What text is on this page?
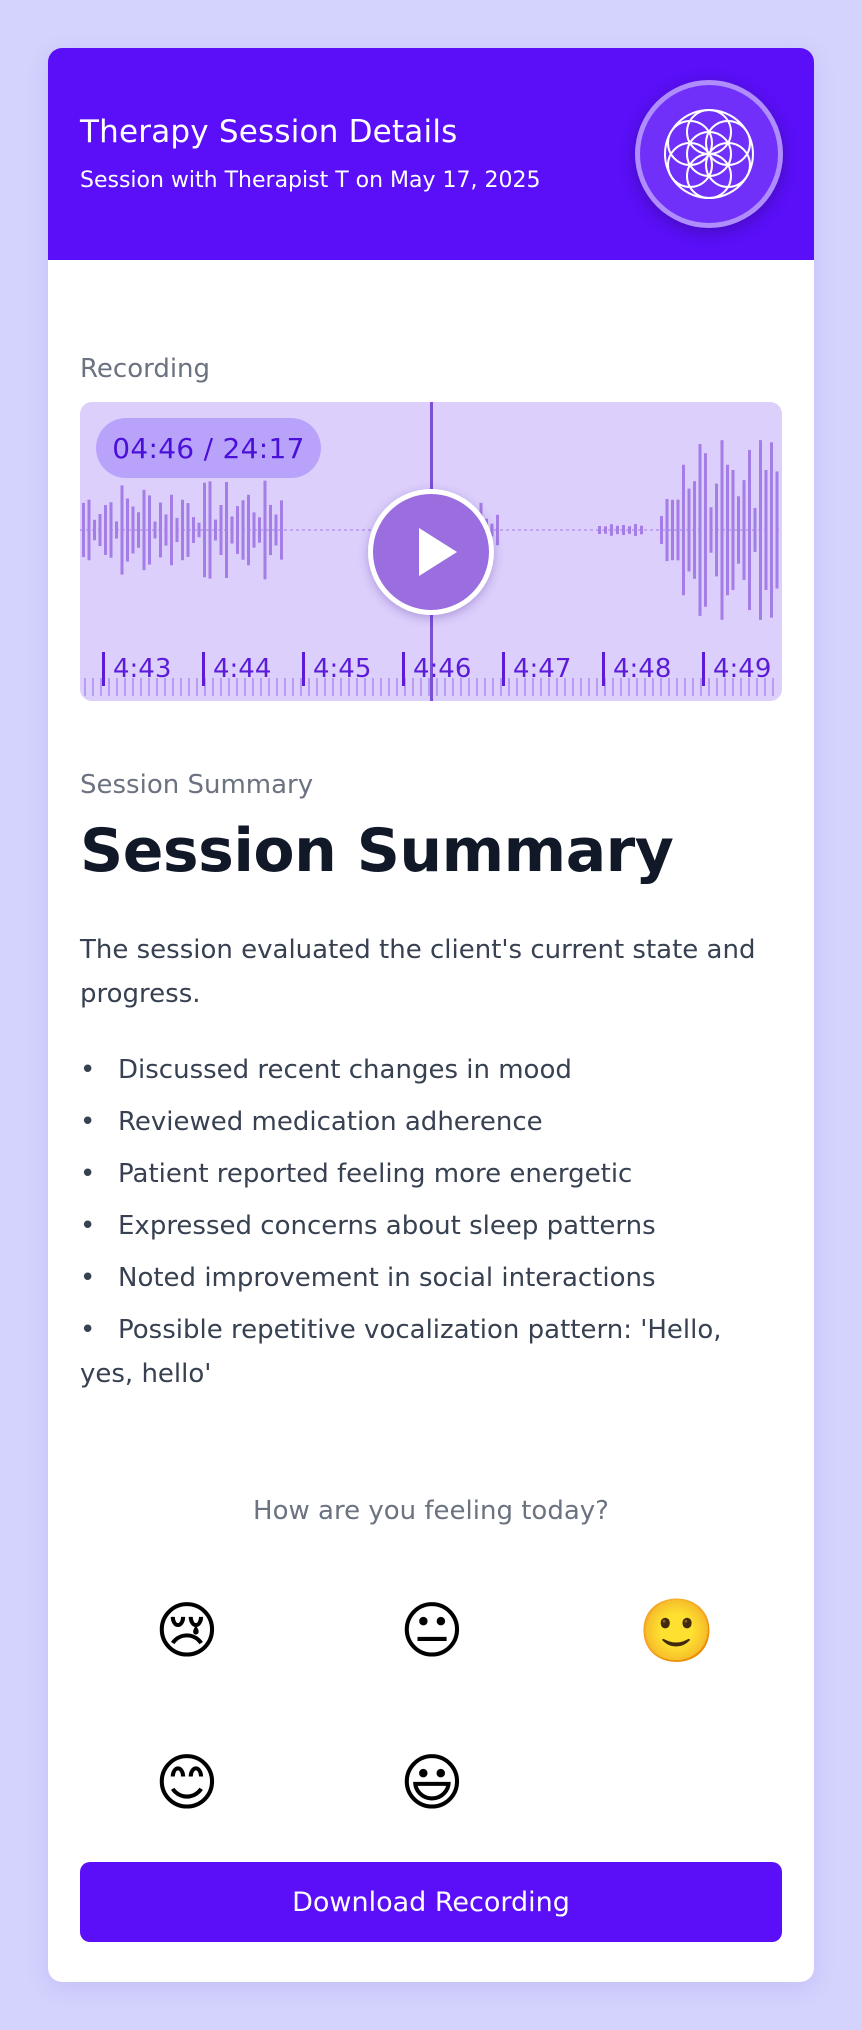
Therapy Session Details
Session with Therapist T on May 17, 2025
Recording
04:46 / 24:17
4:43	4:44	4:45	4:46	4:47	4:48	4:49
Session Summary
Session Summary
The session evaluated the client's current state and progress.
• Discussed recent changes in mood
• Reviewed medication adherence
• Patient reported feeling more energetic
• Expressed concerns about sleep patterns
• Noted improvement in social interactions
• Possible repetitive vocalization pattern: 'Hello, yes, hello'
How are you feeling today?
😢	😐	🙂
😊	😃
Download Recording
